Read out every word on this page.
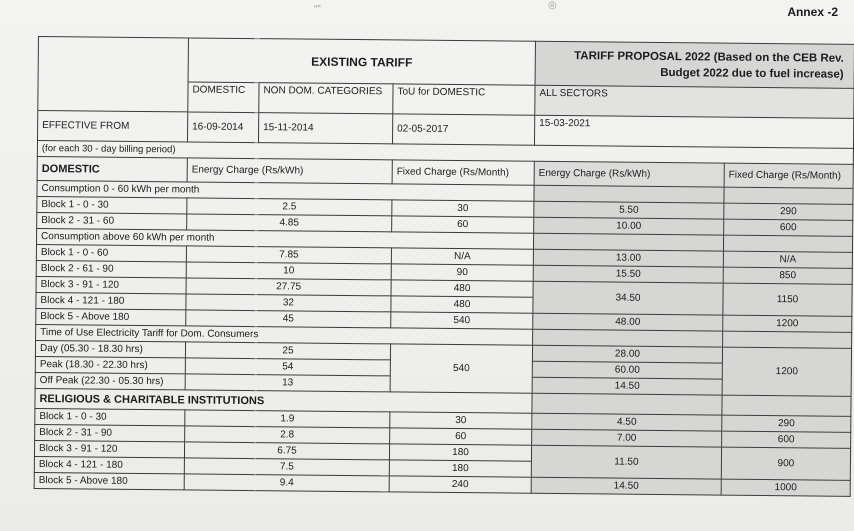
“”	◎	Annex -2
	EXISTING TARIFF			TARIFF PROPOSAL 2022 (Based on the CEB Rev. Budget 2022 due to fuel increase)	
	DOMESTIC	NON DOM. CATEGORIES	ToU for DOMESTIC	ALL SECTORS	
EFFECTIVE FROM	16-09-2014	15-11-2014	02-05-2017	15-03-2021	
(for each 30 - day billing period)					
DOMESTIC	Energy Charge (Rs/kWh)		Fixed Charge (Rs/Month)	Energy Charge (Rs/kWh)	Fixed Charge (Rs/Month)
Consumption 0 - 60 kWh per month					
Block 1 - 0 - 30	2.5		30	5.50	290
Block 2 - 31 - 60	4.85		60	10.00	600
Consumption above 60 kWh per month					
Block 1 - 0 - 60	7.85		N/A	13.00	N/A
Block 2 - 61 - 90	10		90	15.50	850
Block 3 - 91 - 120	27.75		480	34.50	1150
Block 4 - 121 - 180	32		480		
Block 5 - Above 180	45		540	48.00	1200
Time of Use Electricity Tariff for Dom. Consumers					
Day (05.30 - 18.30 hrs)	25		540	28.00	1200
Peak (18.30 - 22.30 hrs)	54			60.00	
Off Peak (22.30 - 05.30 hrs)	13			14.50	
RELIGIOUS & CHARITABLE INSTITUTIONS					
Block 1 - 0 - 30	1.9		30	4.50	290
Block 2 - 31 - 90	2.8		60	7.00	600
Block 3 - 91 - 120	6.75		180	11.50	900
Block 4 - 121 - 180	7.5		180		
Block 5 - Above 180	9.4		240	14.50	1000
